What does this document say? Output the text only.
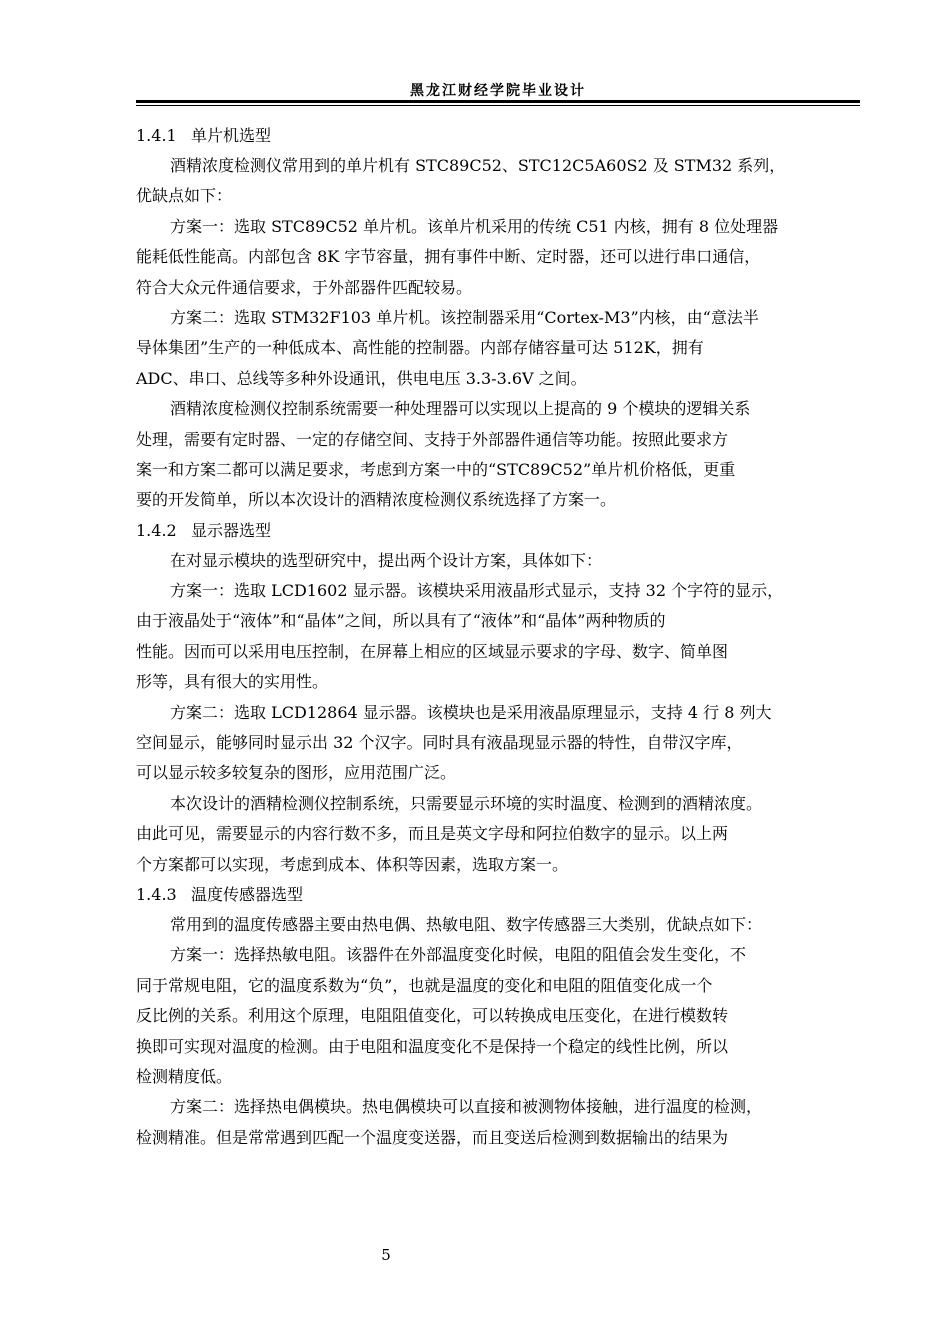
黑龙江财经学院毕业设计
1.4.1 单片机选型
酒精浓度检测仪常用到的单片机有 STC89C52、STC12C5A60S2 及 STM32 系列，
优缺点如下：
方案一：选取 STC89C52 单片机。该单片机采用的传统 C51 内核，拥有 8 位处理器
能耗低性能高。内部包含 8K 字节容量，拥有事件中断、定时器，还可以进行串口通信，
符合大众元件通信要求，于外部器件匹配较易。
方案二：选取 STM32F103 单片机。该控制器采用“Cortex-M3”内核，由“意法半
导体集团”生产的一种低成本、高性能的控制器。内部存储容量可达 512K，拥有
ADC、串口、总线等多种外设通讯，供电电压 3.3-3.6V 之间。
酒精浓度检测仪控制系统需要一种处理器可以实现以上提高的 9 个模块的逻辑关系
处理，需要有定时器、一定的存储空间、支持于外部器件通信等功能。按照此要求方
案一和方案二都可以满足要求，考虑到方案一中的“STC89C52”单片机价格低，更重
要的开发简单，所以本次设计的酒精浓度检测仪系统选择了方案一。
1.4.2 显示器选型
在对显示模块的选型研究中，提出两个设计方案，具体如下：
方案一：选取 LCD1602 显示器。该模块采用液晶形式显示，支持 32 个字符的显示，
由于液晶处于“液体”和“晶体”之间，所以具有了“液体”和“晶体”两种物质的
性能。因而可以采用电压控制，在屏幕上相应的区域显示要求的字母、数字、简单图
形等，具有很大的实用性。
方案二：选取 LCD12864 显示器。该模块也是采用液晶原理显示，支持 4 行 8 列大
空间显示，能够同时显示出 32 个汉字。同时具有液晶现显示器的特性，自带汉字库，
可以显示较多较复杂的图形，应用范围广泛。
本次设计的酒精检测仪控制系统，只需要显示环境的实时温度、检测到的酒精浓度。
由此可见，需要显示的内容行数不多，而且是英文字母和阿拉伯数字的显示。以上两
个方案都可以实现，考虑到成本、体积等因素，选取方案一。
1.4.3 温度传感器选型
常用到的温度传感器主要由热电偶、热敏电阻、数字传感器三大类别，优缺点如下：
方案一：选择热敏电阻。该器件在外部温度变化时候，电阻的阻值会发生变化，不
同于常规电阻，它的温度系数为“负”，也就是温度的变化和电阻的阻值变化成一个
反比例的关系。利用这个原理，电阻阻值变化，可以转换成电压变化，在进行模数转
换即可实现对温度的检测。由于电阻和温度变化不是保持一个稳定的线性比例，所以
检测精度低。
方案二：选择热电偶模块。热电偶模块可以直接和被测物体接触，进行温度的检测，
检测精准。但是常常遇到匹配一个温度变送器，而且变送后检测到数据输出的结果为
5
